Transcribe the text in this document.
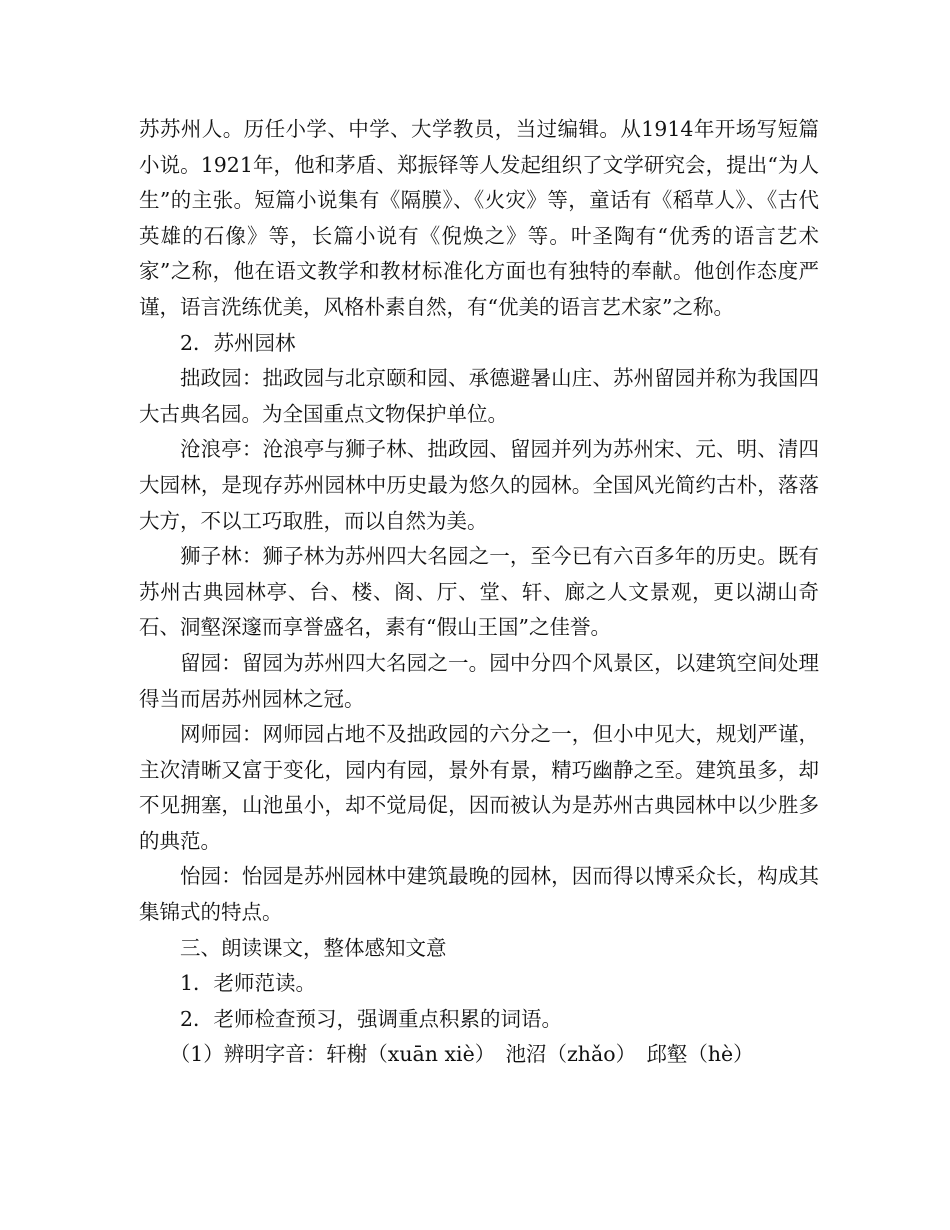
苏苏州人。历任小学、中学、大学教员，当过编辑。从1914年开场写短篇小说。1921年，他和茅盾、郑振铎等人发起组织了文学研究会，提出“为人生”的主张。短篇小说集有《隔膜》、《火灾》等，童话有《稻草人》、《古代英雄的石像》等，长篇小说有《倪焕之》等。叶圣陶有“优秀的语言艺术家”之称，他在语文教学和教材标准化方面也有独特的奉献。他创作态度严谨，语言洗练优美，风格朴素自然，有“优美的语言艺术家”之称。

2．苏州园林

拙政园：拙政园与北京颐和园、承德避暑山庄、苏州留园并称为我国四大古典名园。为全国重点文物保护单位。

沧浪亭：沧浪亭与狮子林、拙政园、留园并列为苏州宋、元、明、清四大园林，是现存苏州园林中历史最为悠久的园林。全国风光简约古朴，落落大方，不以工巧取胜，而以自然为美。

狮子林：狮子林为苏州四大名园之一，至今已有六百多年的历史。既有苏州古典园林亭、台、楼、阁、厅、堂、轩、廊之人文景观，更以湖山奇石、洞壑深邃而享誉盛名，素有“假山王国”之佳誉。

留园：留园为苏州四大名园之一。园中分四个风景区，以建筑空间处理得当而居苏州园林之冠。

网师园：网师园占地不及拙政园的六分之一，但小中见大，规划严谨，主次清晰又富于变化，园内有园，景外有景，精巧幽静之至。建筑虽多，却不见拥塞，山池虽小，却不觉局促，因而被认为是苏州古典园林中以少胜多的典范。

怡园：怡园是苏州园林中建筑最晚的园林，因而得以博采众长，构成其集锦式的特点。

三、朗读课文，整体感知文意

1．老师范读。

2．老师检查预习，强调重点积累的词语。

（1）辨明字音：轩榭（xuān xiè）　池沼（zhǎo）　邱壑（hè）
